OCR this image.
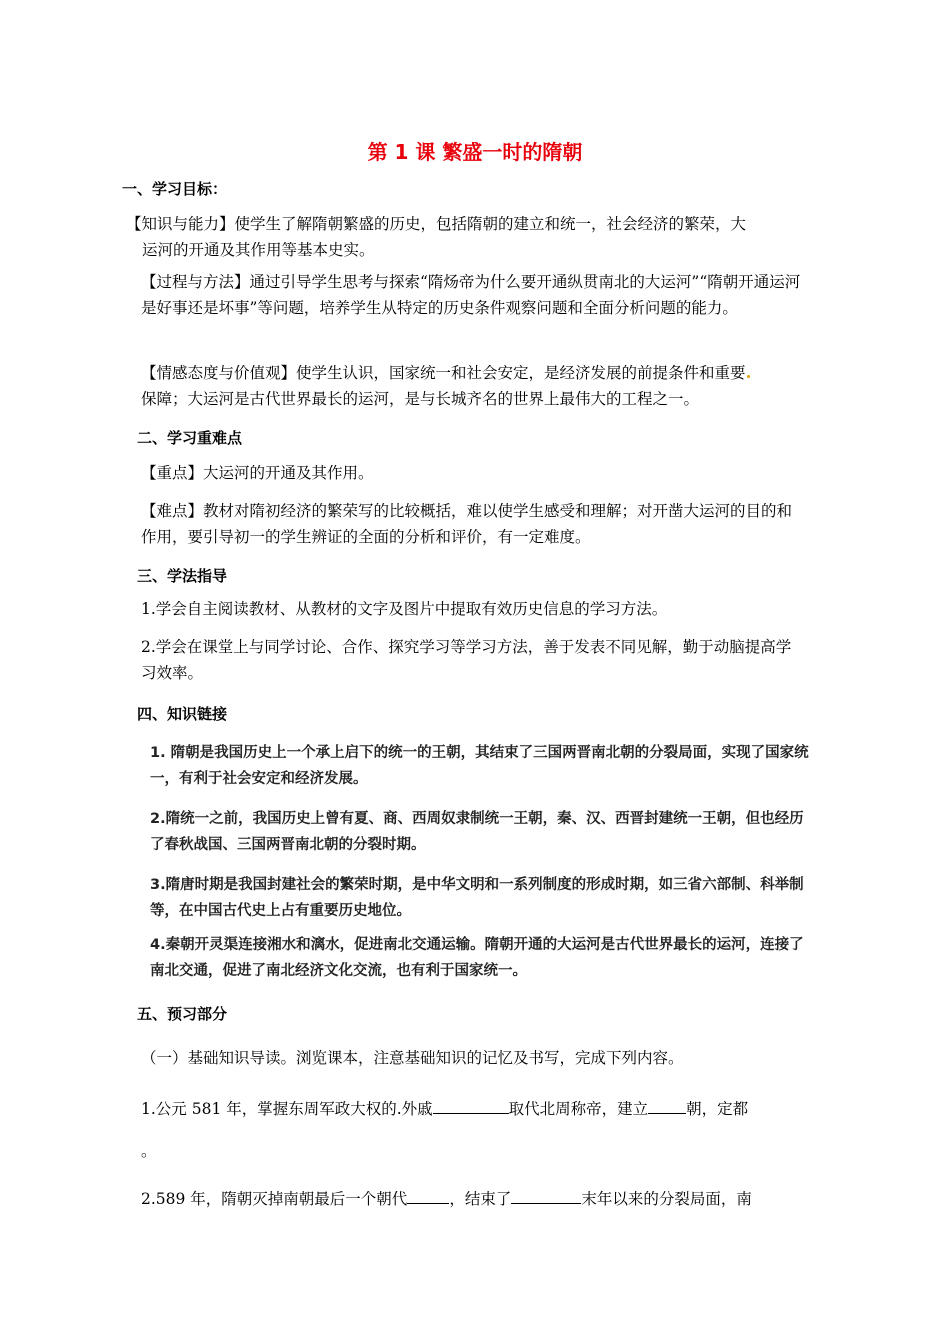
第 1 课 繁盛一时的隋朝
一、学习目标：
【知识与能力】使学生了解隋朝繁盛的历史，包括隋朝的建立和统一，社会经济的繁荣，大
运河的开通及其作用等基本史实。
【过程与方法】通过引导学生思考与探索“隋炀帝为什么要开通纵贯南北的大运河”“隋朝开通运河是好事还是坏事”等问题，培养学生从特定的历史条件观察问题和全面分析问题的能力。
【情感态度与价值观】使学生认识，国家统一和社会安定，是经济发展的前提条件和重要
保障；大运河是古代世界最长的运河，是与长城齐名的世界上最伟大的工程之一。
二、学习重难点
【重点】大运河的开通及其作用。
【难点】教材对隋初经济的繁荣写的比较概括，难以使学生感受和理解；对开凿大运河的目的和作用，要引导初一的学生辨证的全面的分析和评价，有一定难度。
三、学法指导
1.学会自主阅读教材、从教材的文字及图片中提取有效历史信息的学习方法。
2.学会在课堂上与同学讨论、合作、探究学习等学习方法，善于发表不同见解，勤于动脑提高学习效率。
四、知识链接
1. 隋朝是我国历史上一个承上启下的统一的王朝，其结束了三国两晋南北朝的分裂局面，实现了国家统一，有利于社会安定和经济发展。
2.隋统一之前，我国历史上曾有夏、商、西周奴隶制统一王朝，秦、汉、西晋封建统一王朝，但也经历了春秋战国、三国两晋南北朝的分裂时期。
3.隋唐时期是我国封建社会的繁荣时期，是中华文明和一系列制度的形成时期，如三省六部制、科举制等，在中国古代史上占有重要历史地位。
4.秦朝开灵渠连接湘水和漓水，促进南北交通运输。隋朝开通的大运河是古代世界最长的运河，连接了南北交通，促进了南北经济文化交流，也有利于国家统一。
五、预习部分
（一）基础知识导读。浏览课本，注意基础知识的记忆及书写，完成下列内容。
1.公元 581 年，掌握东周军政大权的.外戚	取代北周称帝，建立 朝，定都
。
2.589 年，隋朝灭掉南朝最后一个朝代	，结束了	末年以来的分裂局面，南
